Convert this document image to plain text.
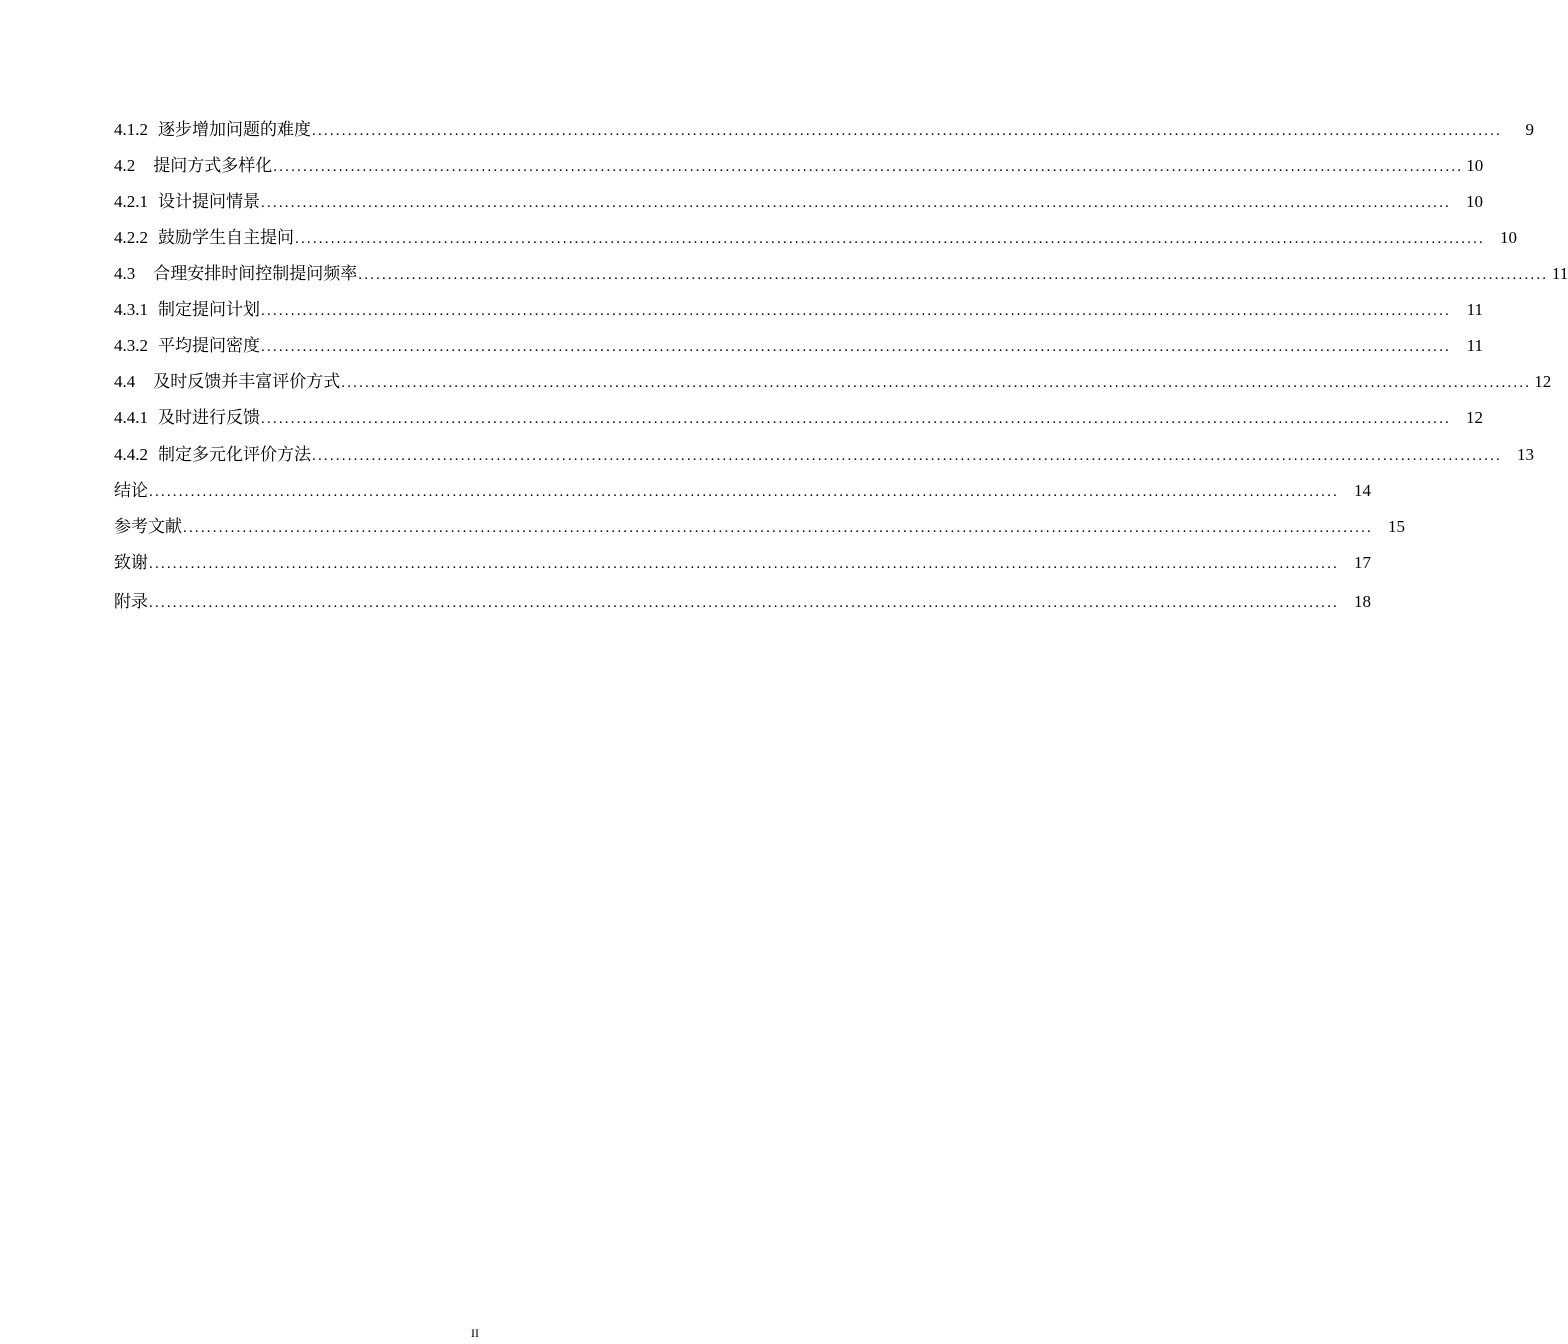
4.1.2 逐步增加问题的难度 ........................................................................................................................................................................................................	9
4.2 提问方式多样化 ........................................................................................................................................................................................................ 10
4.2.1 设计提问情景 ........................................................................................................................................................................................................ 10
4.2.2 鼓励学生自主提问 ........................................................................................................................................................................................................ 10
4.3 合理安排时间控制提问频率 ........................................................................................................................................................................................................ 11
4.3.1 制定提问计划 ........................................................................................................................................................................................................ 11
4.3.2 平均提问密度 ........................................................................................................................................................................................................ 11
4.4 及时反馈并丰富评价方式 ........................................................................................................................................................................................................ 12
4.4.1 及时进行反馈 ........................................................................................................................................................................................................ 12
4.4.2 制定多元化评价方法 ........................................................................................................................................................................................................ 13
结论 ........................................................................................................................................................................................................ 14
参考文献 ........................................................................................................................................................................................................ 15
致谢 ........................................................................................................................................................................................................ 17
附录 ........................................................................................................................................................................................................ 18
II
